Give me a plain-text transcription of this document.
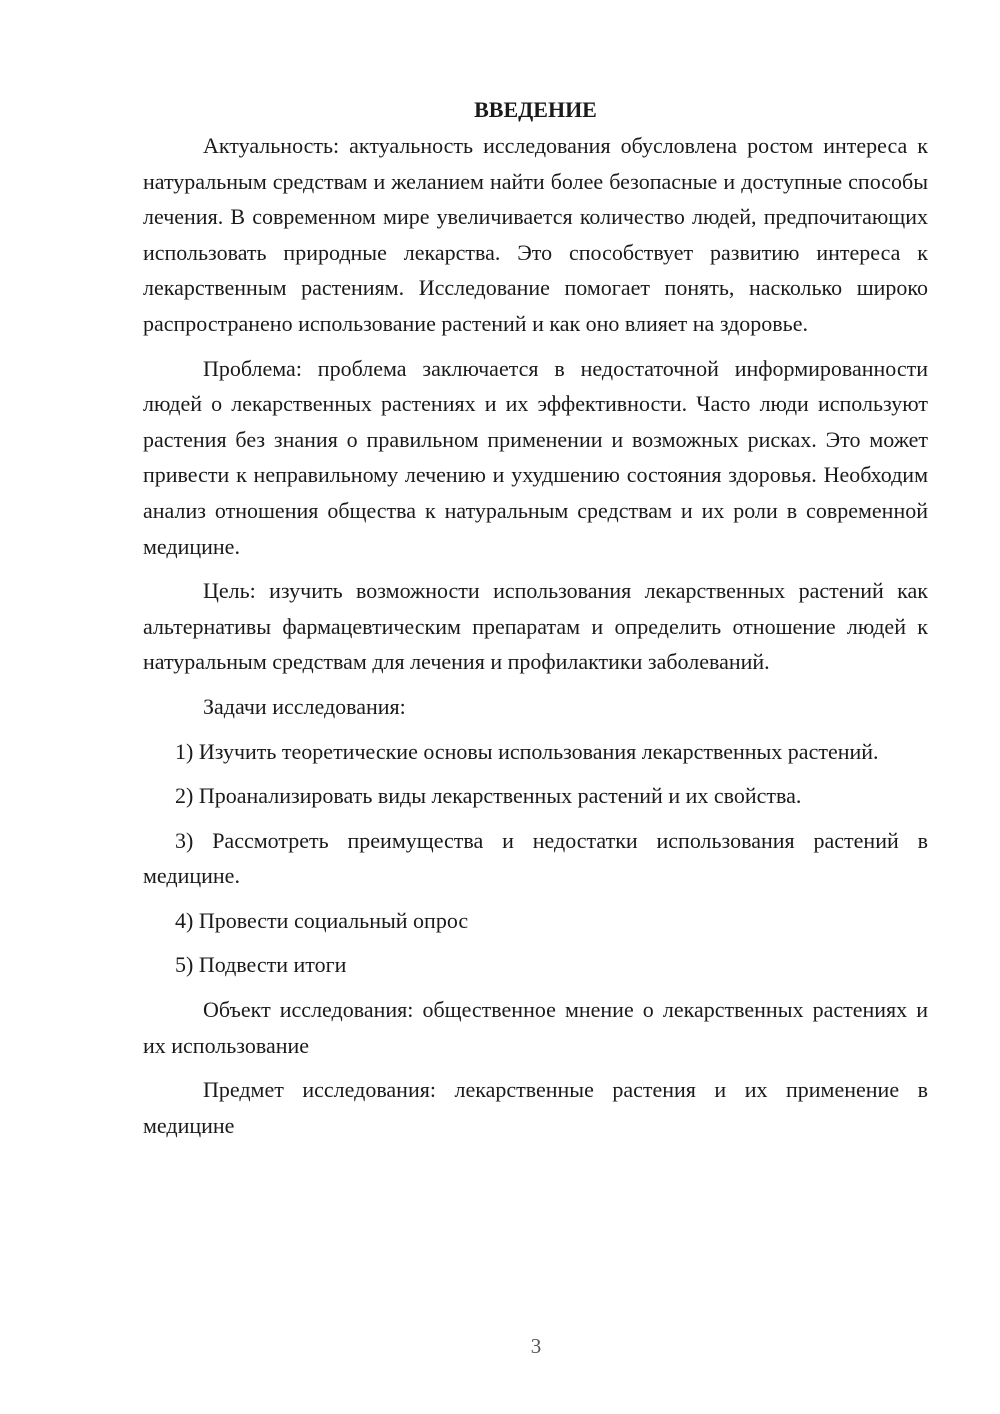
ВВЕДЕНИЕ

Актуальность: актуальность исследования обусловлена ростом интереса к натуральным средствам и желанием найти более безопасные и доступные способы лечения. В современном мире увеличивается количество людей, предпочитающих использовать природные лекарства. Это способствует развитию интереса к лекарственным растениям. Исследование помогает понять, насколько широко распространено использование растений и как оно влияет на здоровье.

Проблема: проблема заключается в недостаточной информированности людей о лекарственных растениях и их эффективности. Часто люди используют растения без знания о правильном применении и возможных рисках. Это может привести к неправильному лечению и ухудшению состояния здоровья. Необходим анализ отношения общества к натуральным средствам и их роли в современной медицине.

Цель: изучить возможности использования лекарственных растений как альтернативы фармацевтическим препаратам и определить отношение людей к натуральным средствам для лечения и профилактики заболеваний.

Задачи исследования:

1) Изучить теоретические основы использования лекарственных растений.

2) Проанализировать виды лекарственных растений и их свойства.

3) Рассмотреть преимущества и недостатки использования растений в медицине.

4) Провести социальный опрос

5) Подвести итоги

Объект исследования: общественное мнение о лекарственных растениях и их использование

Предмет исследования: лекарственные растения и их применение в медицине

3
